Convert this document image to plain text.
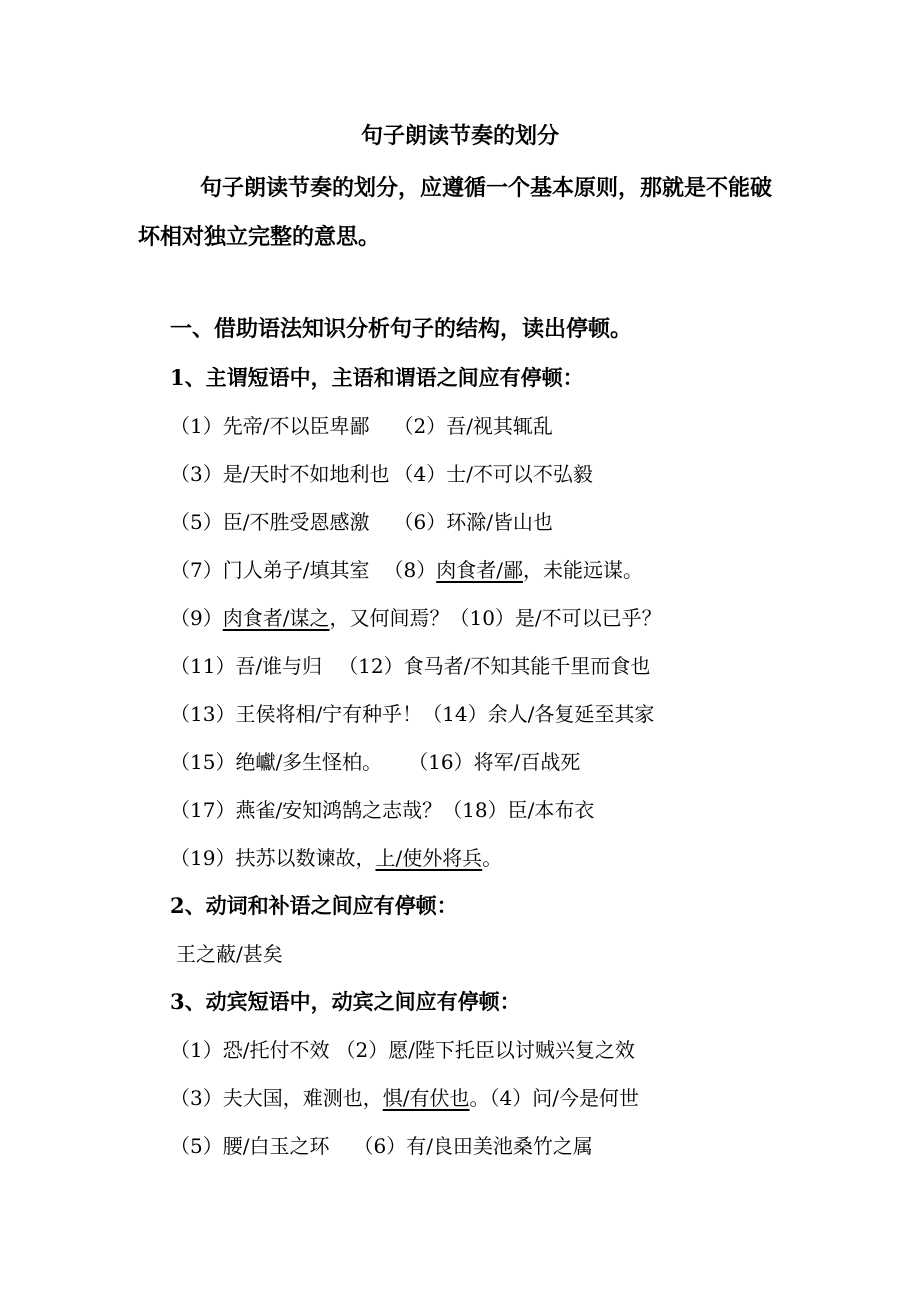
句子朗读节奏的划分
句子朗读节奏的划分，应遵循一个基本原则，那就是不能破坏相对独立完整的意思。
一、借助语法知识分析句子的结构，读出停顿。
1、主谓短语中，主语和谓语之间应有停顿：
（1）先帝/不以臣卑鄙 （2）吾/视其辄乱
（3）是/天时不如地利也 （4）士/不可以不弘毅
（5）臣/不胜受恩感激 （6）环滁/皆山也
（7）门人弟子/填其室 （8）肉食者/鄙，未能远谋。
（9）肉食者/谋之，又何间焉？（10）是/不可以已乎？
（11）吾/谁与归 （12）食马者/不知其能千里而食也
（13）王侯将相/宁有种乎！（14）余人/各复延至其家
（15）绝巘/多生怪柏。 （16）将军/百战死
（17）燕雀/安知鸿鹄之志哉？（18）臣/本布衣
（19）扶苏以数谏故，上/使外将兵。
2、动词和补语之间应有停顿：
王之蔽/甚矣
3、动宾短语中，动宾之间应有停顿：
（1）恐/托付不效 （2）愿/陛下托臣以讨贼兴复之效
（3）夫大国，难测也，惧/有伏也。（4）问/今是何世
（5）腰/白玉之环 （6）有/良田美池桑竹之属
